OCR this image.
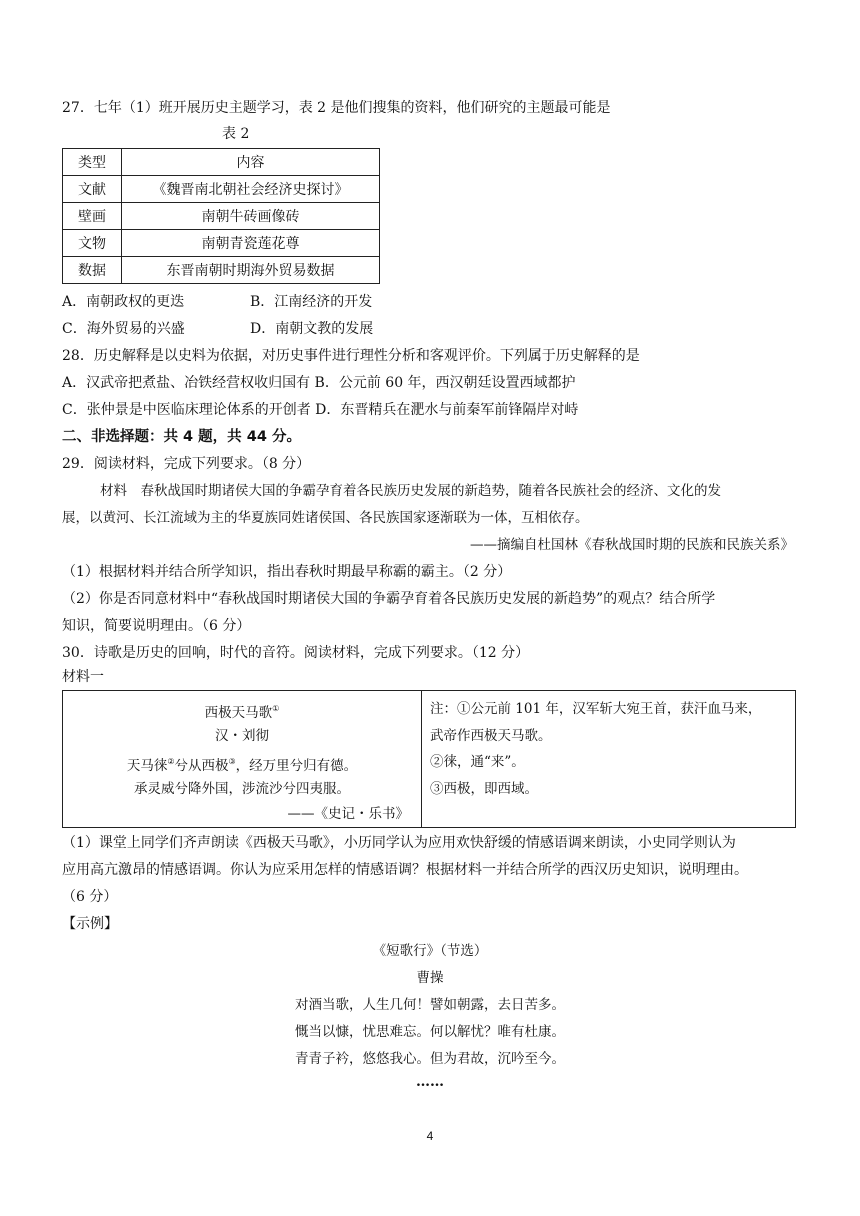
27．七年（1）班开展历史主题学习，表 2 是他们搜集的资料，他们研究的主题最可能是
表 2
类型	内容
文献	《魏晋南北朝社会经济史探讨》
壁画	南朝牛砖画像砖
文物	南朝青瓷莲花尊
数据	东晋南朝时期海外贸易数据
A．南朝政权的更迭	B．江南经济的开发
C．海外贸易的兴盛	D．南朝文教的发展
28．历史解释是以史料为依据，对历史事件进行理性分析和客观评价。下列属于历史解释的是
A．汉武帝把煮盐、冶铁经营权收归国有 B．公元前 60 年，西汉朝廷设置西域都护
C．张仲景是中医临床理论体系的开创者 D．东晋精兵在淝水与前秦军前锋隔岸对峙
二、非选择题：共 4 题，共 44 分。
29．阅读材料，完成下列要求。（8 分）
材料　春秋战国时期诸侯大国的争霸孕育着各民族历史发展的新趋势，随着各民族社会的经济、文化的发
展，以黄河、长江流域为主的华夏族同姓诸侯国、各民族国家逐渐联为一体，互相依存。
——摘编自杜国林《春秋战国时期的民族和民族关系》
（1）根据材料并结合所学知识，指出春秋时期最早称霸的霸主。（2 分）
（2）你是否同意材料中“春秋战国时期诸侯大国的争霸孕育着各民族历史发展的新趋势”的观点？结合所学
知识，简要说明理由。（6 分）
30．诗歌是历史的回响，时代的音符。阅读材料，完成下列要求。（12 分）
材料一
西极天马歌①
汉・刘彻
天马徕②兮从西极③，经万里兮归有德。
承灵威兮降外国，涉流沙兮四夷服。
——《史记・乐书》
注：①公元前 101 年，汉军斩大宛王首，获汗血马来，
武帝作西极天马歌。
②徕，通“来”。
③西极，即西域。
（1）课堂上同学们齐声朗读《西极天马歌》，小历同学认为应用欢快舒缓的情感语调来朗读，小史同学则认为
应用高亢激昂的情感语调。你认为应采用怎样的情感语调？根据材料一并结合所学的西汉历史知识，说明理由。
（6 分）
【示例】
《短歌行》（节选）
曹操
对酒当歌，人生几何！譬如朝露，去日苦多。
慨当以慷，忧思难忘。何以解忧？唯有杜康。
青青子衿，悠悠我心。但为君故，沉吟至今。
……
4
